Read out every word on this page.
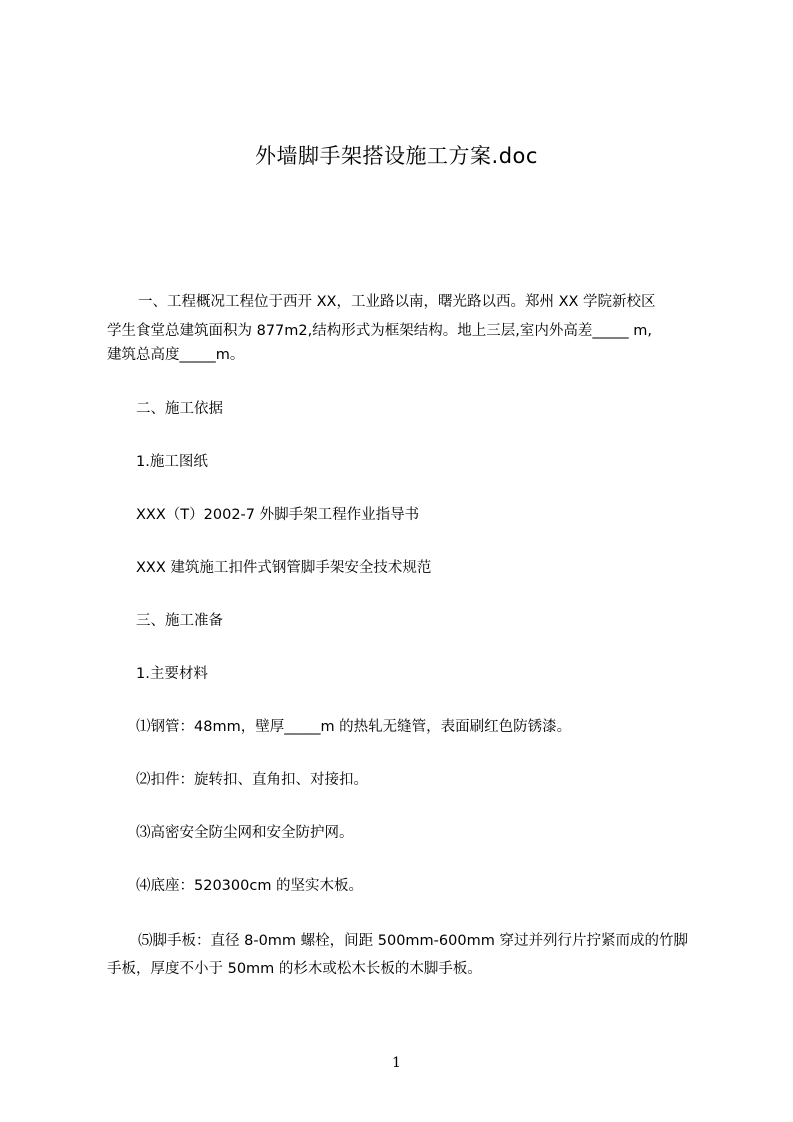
外墙脚手架搭设施工方案.doc
一、工程概况工程位于西开 XX，工业路以南，曙光路以西。郑州 XX 学院新校区
学生食堂总建筑面积为 877m2,结构形式为框架结构。地上三层,室内外高差_____ m,
建筑总高度_____m。
二、施工依据
1.施工图纸
XXX（T）2002-7 外脚手架工程作业指导书
XXX 建筑施工扣件式钢管脚手架安全技术规范
三、施工准备
1.主要材料
⑴钢管：48mm，壁厚_____m 的热轧无缝管，表面刷红色防锈漆。
⑵扣件：旋转扣、直角扣、对接扣。
⑶高密安全防尘网和安全防护网。
⑷底座：520300cm 的坚实木板。
⑸脚手板：直径 8-0mm 螺栓，间距 500mm-600mm 穿过并列行片拧紧而成的竹脚
手板，厚度不小于 50mm 的杉木或松木长板的木脚手板。
1
